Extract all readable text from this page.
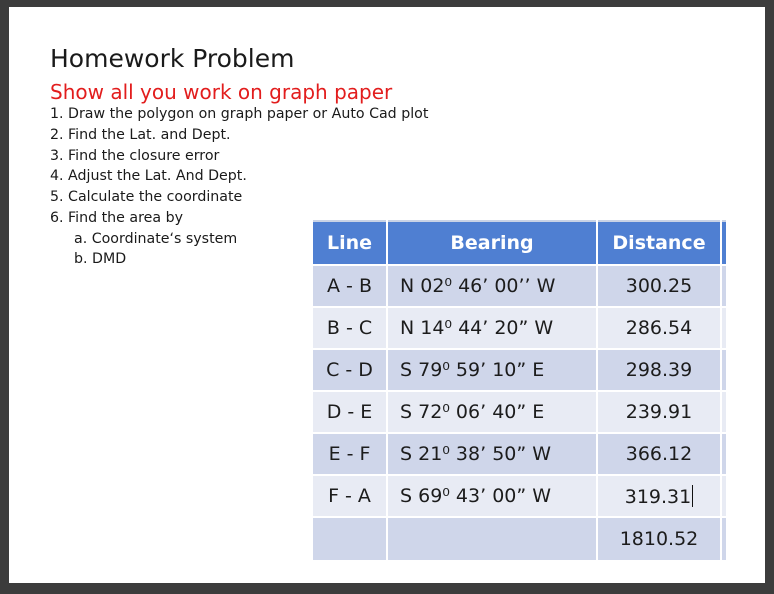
Homework Problem
Show all you work on graph paper
1. Draw the polygon on graph paper or Auto Cad plot
2. Find the Lat. and Dept.
3. Find the closure error
4. Adjust the Lat. And Dept.
5. Calculate the coordinate
6. Find the area by
a. Coordinate‘s system
b. DMD
Line	Bearing	Distance	
A - B	N 02⁰ 46’ 00’’ W	300.25	
B - C	N 14⁰ 44’ 20” W	286.54	
C - D	S 79⁰ 59’ 10” E	298.39	
D - E	S 72⁰ 06’ 40” E	239.91	
E - F	S 21⁰ 38’ 50” W	366.12	
F - A	S 69⁰ 43’ 00” W	319.31	
		1810.52	
